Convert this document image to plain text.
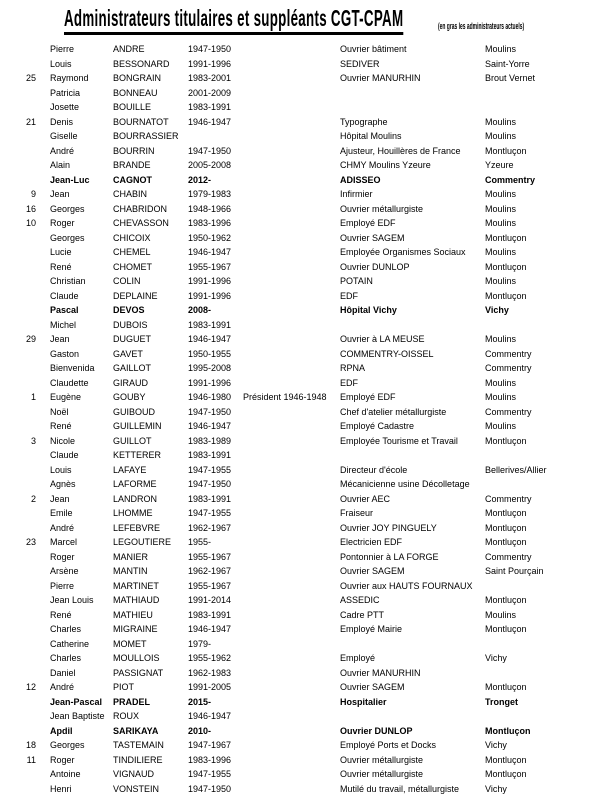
Administrateurs titulaires et suppléants CGT-CPAM	(en gras les administrateurs actuels)
Pierre	ANDRE	1947-1950	Ouvrier bâtiment	Moulins
Louis	BESSONARD	1991-1996	SEDIVER	Saint-Yorre
25 Raymond	BONGRAIN	1983-2001	Ouvrier MANURHIN	Brout Vernet
Patricia	BONNEAU	2001-2009
Josette	BOUILLE	1983-1991
21 Denis	BOURNATOT	1946-1947	Typographe	Moulins
Giselle	BOURRASSIER	Hôpital Moulins	Moulins
André	BOURRIN	1947-1950	Ajusteur, Houillères de France	Montluçon
Alain	BRANDE	2005-2008	CHMY Moulins Yzeure	Yzeure
Jean-Luc	CAGNOT	2012-	ADISSEO	Commentry
9 Jean	CHABIN	1979-1983	Infirmier	Moulins
16 Georges	CHABRIDON	1948-1966	Ouvrier métallurgiste	Moulins
10 Roger	CHEVASSON	1983-1996	Employé EDF	Moulins
Georges	CHICOIX	1950-1962	Ouvrier SAGEM	Montluçon
Lucie	CHEMEL	1946-1947	Employée Organismes Sociaux	Moulins
René	CHOMET	1955-1967	Ouvrier DUNLOP	Montluçon
Christian	COLIN	1991-1996	POTAIN	Moulins
Claude	DEPLAINE	1991-1996	EDF	Montluçon
Pascal	DEVOS	2008-	Hôpital Vichy	Vichy
Michel	DUBOIS	1983-1991
29 Jean	DUGUET	1946-1947	Ouvrier à LA MEUSE	Moulins
Gaston	GAVET	1950-1955	COMMENTRY-OISSEL	Commentry
Bienvenida	GAILLOT	1995-2008	RPNA	Commentry
Claudette	GIRAUD	1991-1996	EDF	Moulins
1 Eugène	GOUBY	1946-1980	Président 1946-1948	Employé EDF	Moulins
Noël	GUIBOUD	1947-1950	Chef d'atelier métallurgiste	Commentry
René	GUILLEMIN	1946-1947	Employé Cadastre	Moulins
3 Nicole	GUILLOT	1983-1989	Employée Tourisme et Travail	Montluçon
Claude	KETTERER	1983-1991
Louis	LAFAYE	1947-1955	Directeur d'école	Bellerives/Allier
Agnès	LAFORME	1947-1950	Mécanicienne usine Décolletage
2 Jean	LANDRON	1983-1991	Ouvrier AEC	Commentry
Emile	LHOMME	1947-1955	Fraiseur	Montluçon
André	LEFEBVRE	1962-1967	Ouvrier JOY PINGUELY	Montluçon
23 Marcel	LEGOUTIERE	1955-	Electricien EDF	Montluçon
Roger	MANIER	1955-1967	Pontonnier à LA FORGE	Commentry
Arsène	MANTIN	1962-1967	Ouvrier SAGEM	Saint Pourçain
Pierre	MARTINET	1955-1967	Ouvrier aux HAUTS FOURNAUX
Jean Louis	MATHIAUD	1991-2014	ASSEDIC	Montluçon
René	MATHIEU	1983-1991	Cadre PTT	Moulins
Charles	MIGRAINE	1946-1947	Employé Mairie	Montluçon
Catherine	MOMET	1979-
Charles	MOULLOIS	1955-1962	Employé	Vichy
Daniel	PASSIGNAT	1962-1983	Ouvrier MANURHIN
12 André	PIOT	1991-2005	Ouvrier SAGEM	Montluçon
Jean-Pascal	PRADEL	2015-	Hospitalier	Tronget
Jean Baptiste ROUX	1946-1947
Apdil	SARIKAYA	2010-	Ouvrier DUNLOP	Montluçon
18 Georges	TASTEMAIN	1947-1967	Employé Ports et Docks	Vichy
11 Roger	TINDILIERE	1983-1996	Ouvrier métallurgiste	Montluçon
Antoine	VIGNAUD	1947-1955	Ouvrier métallurgiste	Montluçon
Henri	VONSTEIN	1947-1950	Mutilé du travail, métallurgiste	Vichy
